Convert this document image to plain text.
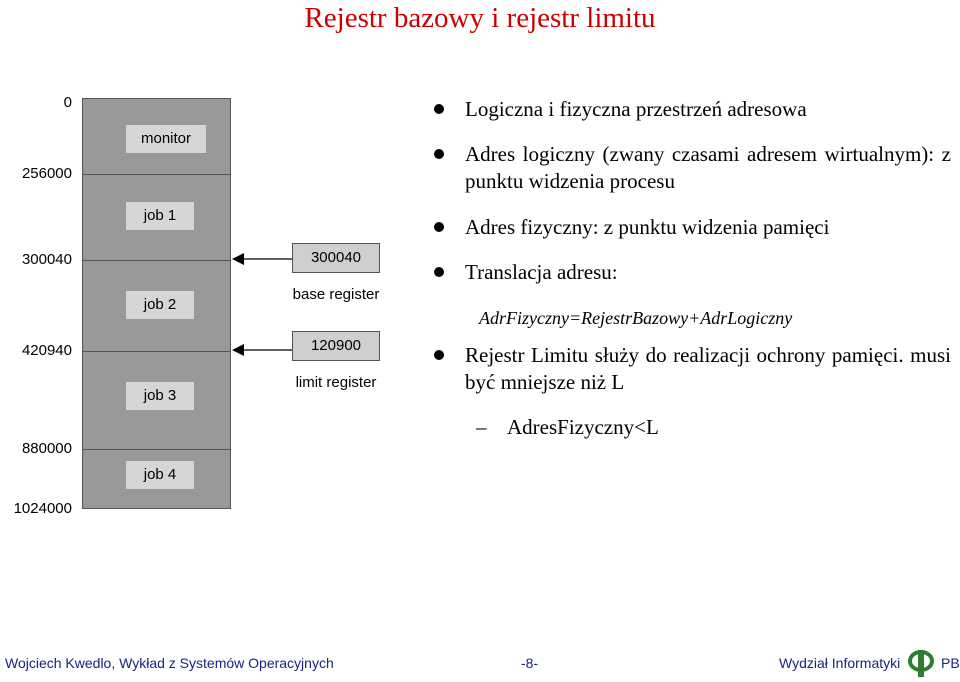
Rejestr bazowy i rejestr limitu
0
256000
300040
420940
880000
1024000
monitor
job 1
job 2
job 3
job 4
300040
base register
120900
limit register
Logiczna i fizyczna przestrzeń adresowa
Adres logiczny (zwany czasami adresem wirtualnym): z punktu widzenia procesu
Adres fizyczny: z punktu widzenia pamięci
Translacja adresu:
AdrFizyczny=RejestrBazowy+AdrLogiczny
Rejestr Limitu służy do realizacji ochrony pamięci. musi być mniejsze niż L
– AdresFizyczny<L
Wojciech Kwedlo, Wykład z Systemów Operacyjnych	-8-	Wydział Informatyki	PB
